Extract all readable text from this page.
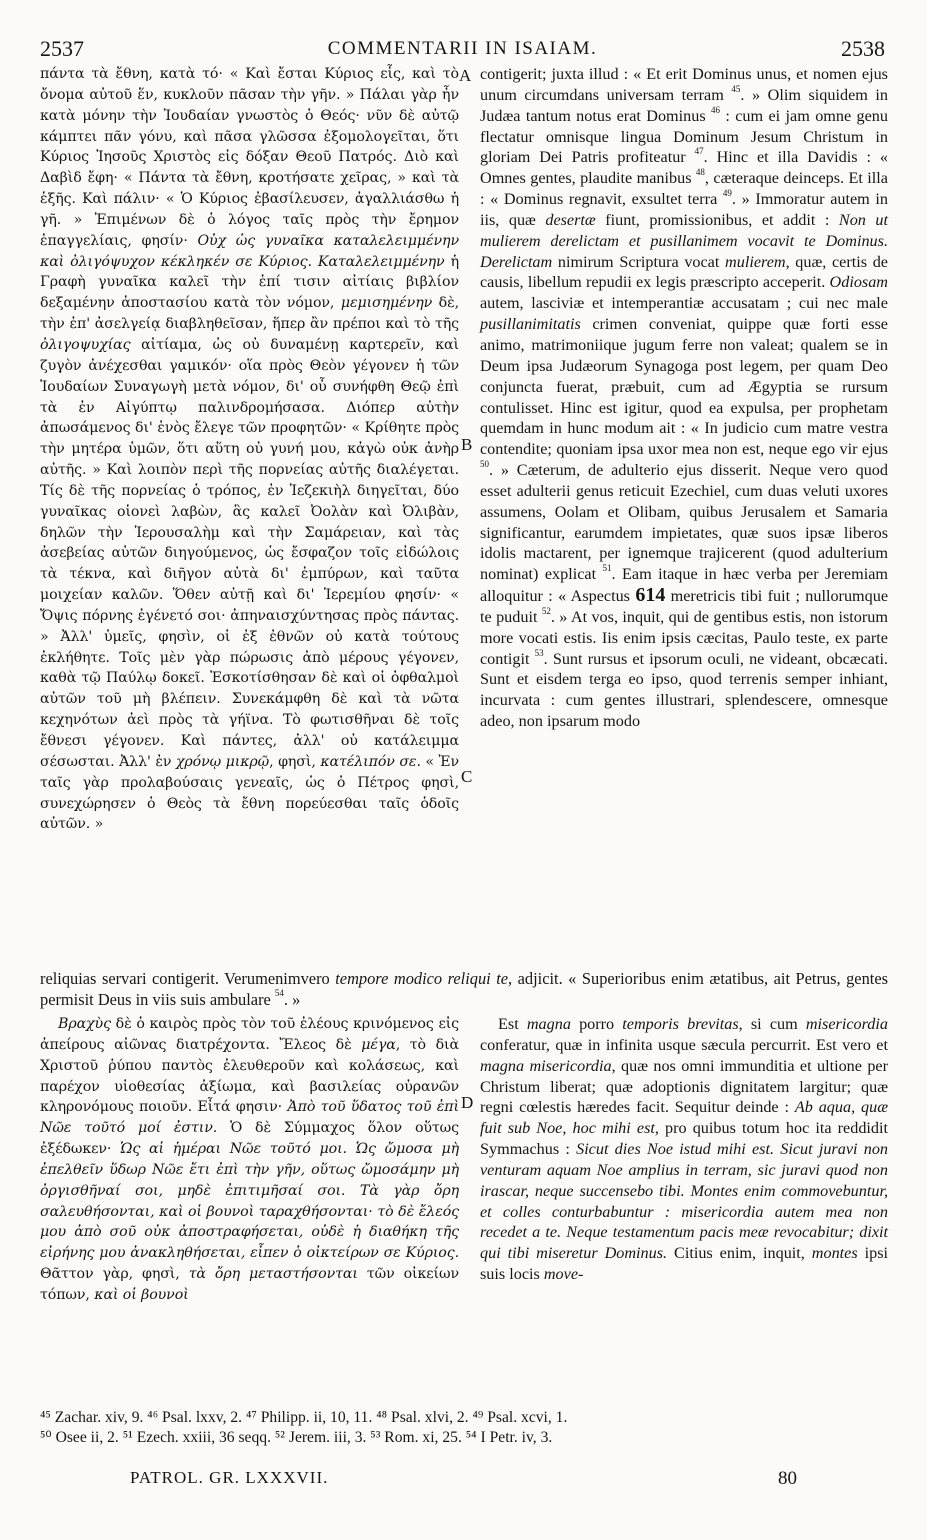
2537	COMMENTARII IN ISAIAM.	2538

πάντα τὰ ἔθνη, κατὰ τό· « Καὶ ἔσται Κύριος εἷς, καὶ τὸ ὄνομα αὐτοῦ ἕν, κυκλοῦν πᾶσαν τὴν γῆν. » Πάλαι γὰρ ἦν κατὰ μόνην τὴν Ἰουδαίαν γνωστὸς ὁ Θεός· νῦν δὲ αὐτῷ κάμπτει πᾶν γόνυ, καὶ πᾶσα γλῶσσα ἐξομολογεῖται, ὅτι Κύριος Ἰησοῦς Χριστὸς εἰς δόξαν Θεοῦ Πατρός. Διὸ καὶ Δαβὶδ ἔφη· « Πάντα τὰ ἔθνη, κροτήσατε χεῖρας, » καὶ τὰ ἑξῆς. Καὶ πάλιν· « Ὁ Κύριος ἐβασίλευσεν, ἀγαλλιάσθω ἡ γῆ. » Ἐπιμένων δὲ ὁ λόγος ταῖς πρὸς τὴν ἔρημον ἐπαγγελίαις, φησίν· Οὐχ ὡς γυναῖκα καταλελειμμένην καὶ ὀλιγόψυχον κέκληκέν σε Κύριος. Καταλελειμμένην ἡ Γραφὴ γυναῖκα καλεῖ τὴν ἐπί τισιν αἰτίαις βιβλίον δεξαμένην ἀποστασίου κατὰ τὸν νόμον, μεμισημένην δὲ, τὴν ἐπ' ἀσελγείᾳ διαβληθεῖσαν, ἥπερ ἂν πρέποι καὶ τὸ τῆς ὀλιγοψυχίας αἰτίαμα, ὡς οὐ δυναμένῃ καρτερεῖν, καὶ ζυγὸν ἀνέχεσθαι γαμικόν· οἵα πρὸς Θεὸν γέγονεν ἡ τῶν Ἰουδαίων Συναγωγὴ μετὰ νόμον, δι' οὗ συνήφθη Θεῷ ἐπὶ τὰ ἐν Αἰγύπτῳ παλινδρομήσασα. Διόπερ αὐτὴν ἀπωσάμενος δι' ἑνὸς ἔλεγε τῶν προφητῶν· « Κρίθητε πρὸς τὴν μητέρα ὑμῶν, ὅτι αὕτη οὐ γυνή μου, κἀγὼ οὐκ ἀνὴρ αὐτῆς. » Καὶ λοιπὸν περὶ τῆς πορνείας αὐτῆς διαλέγεται. Τίς δὲ τῆς πορνείας ὁ τρόπος, ἐν Ἰεζεκιὴλ διηγεῖται, δύο γυναῖκας οἱονεὶ λαβὼν, ἃς καλεῖ Ὀολὰν καὶ Ὀλιβὰν, δηλῶν τὴν Ἱερουσαλὴμ καὶ τὴν Σαμάρειαν, καὶ τὰς ἀσεβείας αὐτῶν διηγούμενος, ὡς ἔσφαζον τοῖς εἰδώλοις τὰ τέκνα, καὶ διῆγον αὐτὰ δι' ἐμπύρων, καὶ ταῦτα μοιχείαν καλῶν. Ὅθεν αὐτῇ καὶ δι' Ἱερεμίου φησίν· « Ὄψις πόρνης ἐγένετό σοι· ἀπηναισχύντησας πρὸς πάντας. » Ἀλλ' ὑμεῖς, φησὶν, οἱ ἐξ ἐθνῶν οὐ κατὰ τούτους ἐκλήθητε. Τοῖς μὲν γὰρ πώρωσις ἀπὸ μέρους γέγονεν, καθὰ τῷ Παύλῳ δοκεῖ. Ἐσκοτίσθησαν δὲ καὶ οἱ ὀφθαλμοὶ αὐτῶν τοῦ μὴ βλέπειν. Συνεκάμφθη δὲ καὶ τὰ νῶτα κεχηνότων ἀεὶ πρὸς τὰ γήϊνα. Τὸ φωτισθῆναι δὲ τοῖς ἔθνεσι γέγονεν. Καὶ πάντες, ἀλλ' οὐ κατάλειμμα σέσωσται. Ἀλλ' ἐν χρόνῳ μικρῷ, φησὶ, κατέλιπόν σε. « Ἐν ταῖς γὰρ προλαβούσαις γενεαῖς, ὡς ὁ Πέτρος φησὶ, συνεχώρησεν ὁ Θεὸς τὰ ἔθνη πορεύεσθαι ταῖς ὁδοῖς αὐτῶν. »

A
B
C
D

contigerit; juxta illud : « Et erit Dominus unus, et nomen ejus unum circumdans universam terram $^{45}$. » Olim siquidem in Judæa tantum notus erat Dominus $^{46}$ : cum ei jam omne genu flectatur omnisque lingua Dominum Jesum Christum in gloriam Dei Patris profiteatur $^{47}$. Hinc et illa Davidis : « Omnes gentes, plaudite manibus $^{48}$, cæteraque deinceps. Et illa : « Dominus regnavit, exsultet terra $^{49}$. » Immoratur autem in iis, quæ desertæ fiunt, promissionibus, et addit : Non ut mulierem derelictam et pusillanimem vocavit te Dominus. Derelictam nimirum Scriptura vocat mulierem, quæ, certis de causis, libellum repudii ex legis præscripto acceperit. Odiosam autem, lasciviæ et intemperantiæ accusatam ; cui nec male pusillanimitatis crimen conveniat, quippe quæ forti esse animo, matrimoniique jugum ferre non valeat; qualem se in Deum ipsa Judæorum Synagoga post legem, per quam Deo conjuncta fuerat, præbuit, cum ad Ægyptia se rursum contulisset. Hinc est igitur, quod ea expulsa, per prophetam quemdam in hunc modum ait : « In judicio cum matre vestra contendite; quoniam ipsa uxor mea non est, neque ego vir ejus $^{50}$. » Cæterum, de adulterio ejus disserit. Neque vero quod esset adulterii genus reticuit Ezechiel, cum duas veluti uxores assumens, Oolam et Olibam, quibus Jerusalem et Samaria significantur, earumdem impietates, quæ suos ipsæ liberos idolis mactarent, per ignemque trajicerent (quod adulterium nominat) explicat $^{51}$. Eam itaque in hæc verba per Jeremiam alloquitur : « Aspectus 614 meretricis tibi fuit ; nullorumque te puduit $^{52}$. » At vos, inquit, qui de gentibus estis, non istorum more vocati estis. Iis enim ipsis cæcitas, Paulo teste, ex parte contigit $^{53}$. Sunt rursus et ipsorum oculi, ne videant, obcæcati. Sunt et eisdem terga eo ipso, quod terrenis semper inhiant, incurvata : cum gentes illustrari, splendescere, omnesque adeo, non ipsarum modo

reliquias servari contigerit. Verumenimvero tempore modico reliqui te, adjicit. « Superioribus enim ætatibus, ait Petrus, gentes permisit Deus in viis suis ambulare $^{54}$. »

Βραχὺς δὲ ὁ καιρὸς πρὸς τὸν τοῦ ἐλέους κρινόμενος εἰς ἀπείρους αἰῶνας διατρέχοντα. Ἔλεος δὲ μέγα, τὸ διὰ Χριστοῦ ῥύπου παντὸς ἐλευθεροῦν καὶ κολάσεως, καὶ παρέχον υἱοθεσίας ἀξίωμα, καὶ βασιλείας οὐρανῶν κληρονόμους ποιοῦν. Εἶτά φησιν· Ἀπὸ τοῦ ὕδατος τοῦ ἐπὶ Νῶε τοῦτό μοί ἐστιν. Ὁ δὲ Σύμμαχος ὅλον οὕτως ἐξέδωκεν· Ὡς αἱ ἡμέραι Νῶε τοῦτό μοι. Ὡς ὤμοσα μὴ ἐπελθεῖν ὕδωρ Νῶε ἔτι ἐπὶ τὴν γῆν, οὕτως ὤμοσάμην μὴ ὀργισθῆναί σοι, μηδὲ ἐπιτιμῆσαί σοι. Τὰ γὰρ ὄρη σαλευθήσονται, καὶ οἱ βουνοὶ ταραχθήσονται· τὸ δὲ ἔλεός μου ἀπὸ σοῦ οὐκ ἀποστραφήσεται, οὐδὲ ἡ διαθήκη τῆς εἰρήνης μου ἀνακληθήσεται, εἶπεν ὁ οἰκτείρων σε Κύριος. Θᾶττον γὰρ, φησὶ, τὰ ὄρη μεταστήσονται τῶν οἰκείων τόπων, καὶ οἱ βουνοὶ

Est magna porro temporis brevitas, si cum misericordia conferatur, quæ in infinita usque sæcula percurrit. Est vero et magna misericordia, quæ nos omni immunditia et ultione per Christum liberat; quæ adoptionis dignitatem largitur; quæ regni cœlestis hæredes facit. Sequitur deinde : Ab aqua, quæ fuit sub Noe, hoc mihi est, pro quibus totum hoc ita reddidit Symmachus : Sicut dies Noe istud mihi est. Sicut juravi non venturam aquam Noe amplius in terram, sic juravi quod non irascar, neque succensebo tibi. Montes enim commovebuntur, et colles conturbabuntur : misericordia autem mea non recedet a te. Neque testamentum pacis meæ revocabitur; dixit qui tibi miseretur Dominus. Citius enim, inquit, montes ipsi suis locis move-

⁴⁵ Zachar. xiv, 9. ⁴⁶ Psal. lxxv, 2. ⁴⁷ Philipp. ii, 10, 11. ⁴⁸ Psal. xlvi, 2. ⁴⁹ Psal. xcvi, 1.

⁵⁰ Osee ii, 2. ⁵¹ Ezech. xxiii, 36 seqq. ⁵² Jerem. iii, 3. ⁵³ Rom. xi, 25. ⁵⁴ I Petr. iv, 3.

PATROL. GR. LXXXVII.	80
